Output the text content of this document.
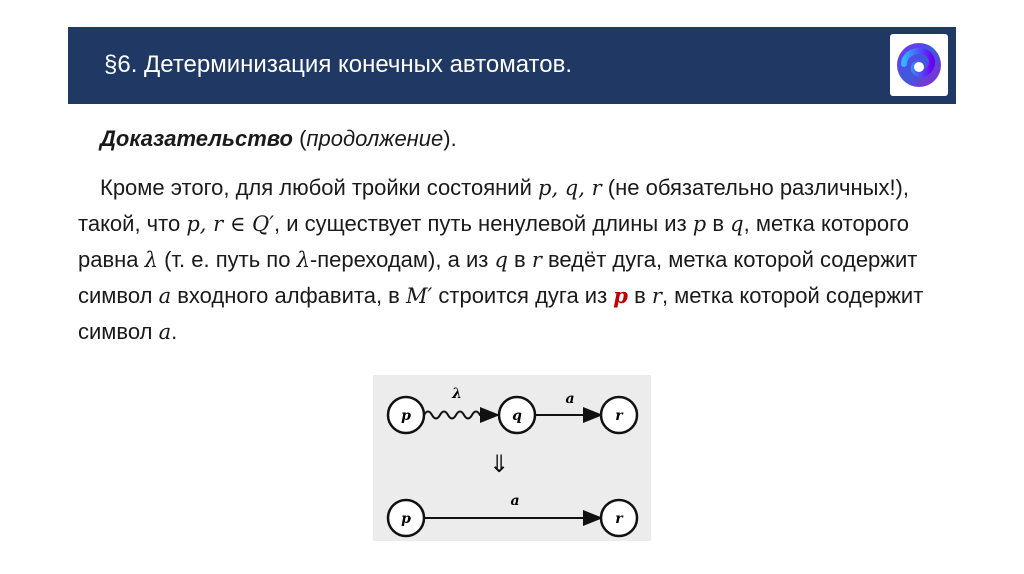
§6. Детерминизация конечных автоматов.
Доказательство (продолжение).
Кроме этого, для любой тройки состояний p, q, r (не обязательно различных!), такой, что p, r ∈ Q′, и существует путь ненулевой длины из p в q, метка которого равна λ (т. е. путь по λ-переходам), а из q в r ведёт дуга, метка которой содержит символ a входного алфавита, в M′ строится дуга из p в r, метка которой содержит символ a.
p
λ
q
a
r
⇓
p
a
r
